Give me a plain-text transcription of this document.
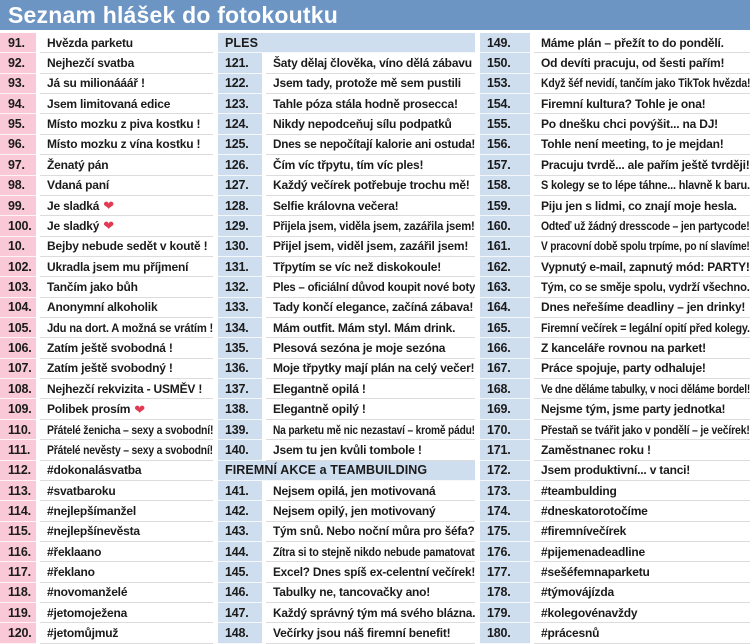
Seznam hlášek do fotokoutku
91.	Hvězda parketu
92.	Nejhezčí svatba
93.	Já su milionááář !
94.	Jsem limitovaná edice
95.	Místo mozku z piva kostku !
96.	Místo mozku z vína kostku !
97.	Ženatý pán
98.	Vdaná paní
99.	Je sladká ❤
100.	Je sladký ❤
10.	Bejby nebude sedět v koutě !
102.	Ukradla jsem mu příjmení
103.	Tančím jako bůh
104.	Anonymní alkoholik
105.	Jdu na dort. A možná se vrátím !
106.	Zatím ještě svobodná !
107.	Zatím ještě svobodný !
108.	Nejhezčí rekvizita - USMĚV !
109.	Polibek prosím ❤
110.	Přátelé ženicha – sexy a svobodní!
111.	Přátelé nevěsty – sexy a svobodní!
112.	#dokonalásvatba
113.	#svatbaroku
114.	#nejlepšímanžel
115.	#nejlepšínevěsta
116.	#řeklaano
117.	#řeklano
118.	#novomanželé
119.	#jetomoježena
120.	#jetomůjmuž
PLES
121.	Šaty dělaj člověka, víno dělá zábavu
122.	Jsem tady, protože mě sem pustili
123.	Tahle póza stála hodně prosecca!
124.	Nikdy nepodceňuj sílu podpatků
125.	Dnes se nepočítají kalorie ani ostuda!
126.	Čím víc třpytu, tím víc ples!
127.	Každý večírek potřebuje trochu mě!
128.	Selfie královna večera!
129.	Přijela jsem, viděla jsem, zazářila jsem!
130.	Přijel jsem, viděl jsem, zazářil jsem!
131.	Třpytím se víc než diskokoule!
132.	Ples – oficiální důvod koupit nové boty
133.	Tady končí elegance, začíná zábava!
134.	Mám outfit. Mám styl. Mám drink.
135.	Plesová sezóna je moje sezóna
136.	Moje třpytky mají plán na celý večer!
137.	Elegantně opilá !
138.	Elegantně opilý !
139.	Na parketu mě nic nezastaví – kromě pádu!
140.	Jsem tu jen kvůli tombole !
FIREMNÍ AKCE a TEAMBUILDING
141.	Nejsem opilá, jen motivovaná
142.	Nejsem opilý, jen motivovaný
143.	Tým snů. Nebo noční můra pro šéfa?
144.	Zítra si to stejně nikdo nebude pamatovat
145.	Excel? Dnes spíš ex-celentní večírek!
146.	Tabulky ne, tancovačky ano!
147.	Každý správný tým má svého blázna.
148.	Večírky jsou náš firemní benefit!
149.	Máme plán – přežít to do pondělí.
150.	Od devíti pracuju, od šesti pařím!
153.	Když šéf nevidí, tančím jako TikTok hvězda!
154.	Firemní kultura? Tohle je ona!
155.	Po dnešku chci povýšit... na DJ!
156.	Tohle není meeting, to je mejdan!
157.	Pracuju tvrdě... ale pařím ještě tvrději!
158.	S kolegy se to lépe táhne... hlavně k baru.
159.	Piju jen s lidmi, co znají moje hesla.
160.	Odteď už žádný dresscode – jen partycode!
161.	V pracovní době spolu trpíme, po ní slavíme!
162.	Vypnutý e-mail, zapnutý mód: PARTY!
163.	Tým, co se směje spolu, vydrží všechno.
164.	Dnes neřešíme deadliny – jen drinky!
165.	Firemní večírek = legální opití před kolegy.
166.	Z kanceláře rovnou na parket!
167.	Práce spojuje, party odhaluje!
168.	Ve dne děláme tabulky, v noci děláme bordel!
169.	Nejsme tým, jsme party jednotka!
170.	Přestaň se tvářit jako v pondělí – je večírek!
171.	Zaměstnanec roku !
172.	Jsem produktivní... v tanci!
173.	#teambulding
174.	#dneskatorotočíme
175.	#firemnívečírek
176.	#pijemenadeadline
177.	#sešéfemnaparketu
178.	#týmovájízda
179.	#kolegovénavždy
180.	#prácesnů
